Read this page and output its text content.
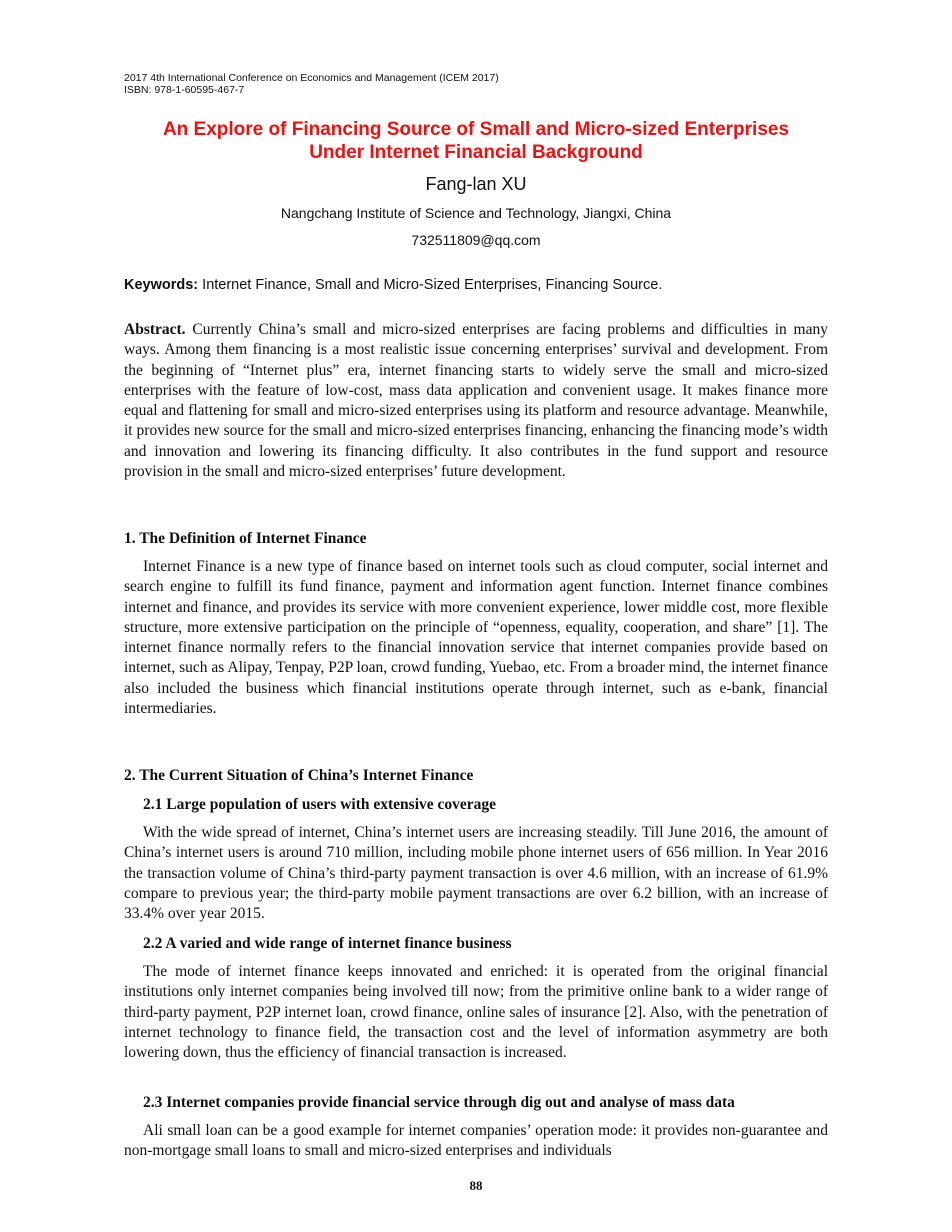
2017 4th International Conference on Economics and Management (ICEM 2017)
ISBN: 978-1-60595-467-7
An Explore of Financing Source of Small and Micro-sized Enterprises
Under Internet Financial Background
Fang-lan XU
Nangchang Institute of Science and Technology, Jiangxi, China
732511809@qq.com
Keywords: Internet Finance, Small and Micro-Sized Enterprises, Financing Source.

Abstract. Currently China’s small and micro-sized enterprises are facing problems and difficulties in many ways. Among them financing is a most realistic issue concerning enterprises’ survival and development. From the beginning of “Internet plus” era, internet financing starts to widely serve the small and micro-sized enterprises with the feature of low-cost, mass data application and convenient usage. It makes finance more equal and flattening for small and micro-sized enterprises using its platform and resource advantage. Meanwhile, it provides new source for the small and micro-sized enterprises financing, enhancing the financing mode’s width and innovation and lowering its financing difficulty. It also contributes in the fund support and resource provision in the small and micro-sized enterprises’ future development.

1. The Definition of Internet Finance

Internet Finance is a new type of finance based on internet tools such as cloud computer, social internet and search engine to fulfill its fund finance, payment and information agent function. Internet finance combines internet and finance, and provides its service with more convenient experience, lower middle cost, more flexible structure, more extensive participation on the principle of “openness, equality, cooperation, and share” [1]. The internet finance normally refers to the financial innovation service that internet companies provide based on internet, such as Alipay, Tenpay, P2P loan, crowd funding, Yuebao, etc. From a broader mind, the internet finance also included the business which financial institutions operate through internet, such as e-bank, financial intermediaries.

2. The Current Situation of China’s Internet Finance
2.1 Large population of users with extensive coverage

With the wide spread of internet, China’s internet users are increasing steadily. Till June 2016, the amount of China’s internet users is around 710 million, including mobile phone internet users of 656 million. In Year 2016 the transaction volume of China’s third-party payment transaction is over 4.6 million, with an increase of 61.9% compare to previous year; the third-party mobile payment transactions are over 6.2 billion, with an increase of 33.4% over year 2015.

2.2 A varied and wide range of internet finance business

The mode of internet finance keeps innovated and enriched: it is operated from the original financial institutions only internet companies being involved till now; from the primitive online bank to a wider range of third-party payment, P2P internet loan, crowd finance, online sales of insurance [2]. Also, with the penetration of internet technology to finance field, the transaction cost and the level of information asymmetry are both lowering down, thus the efficiency of financial transaction is increased.

2.3 Internet companies provide financial service through dig out and analyse of mass data

Ali small loan can be a good example for internet companies’ operation mode: it provides non-guarantee and non-mortgage small loans to small and micro-sized enterprises and individuals

88
